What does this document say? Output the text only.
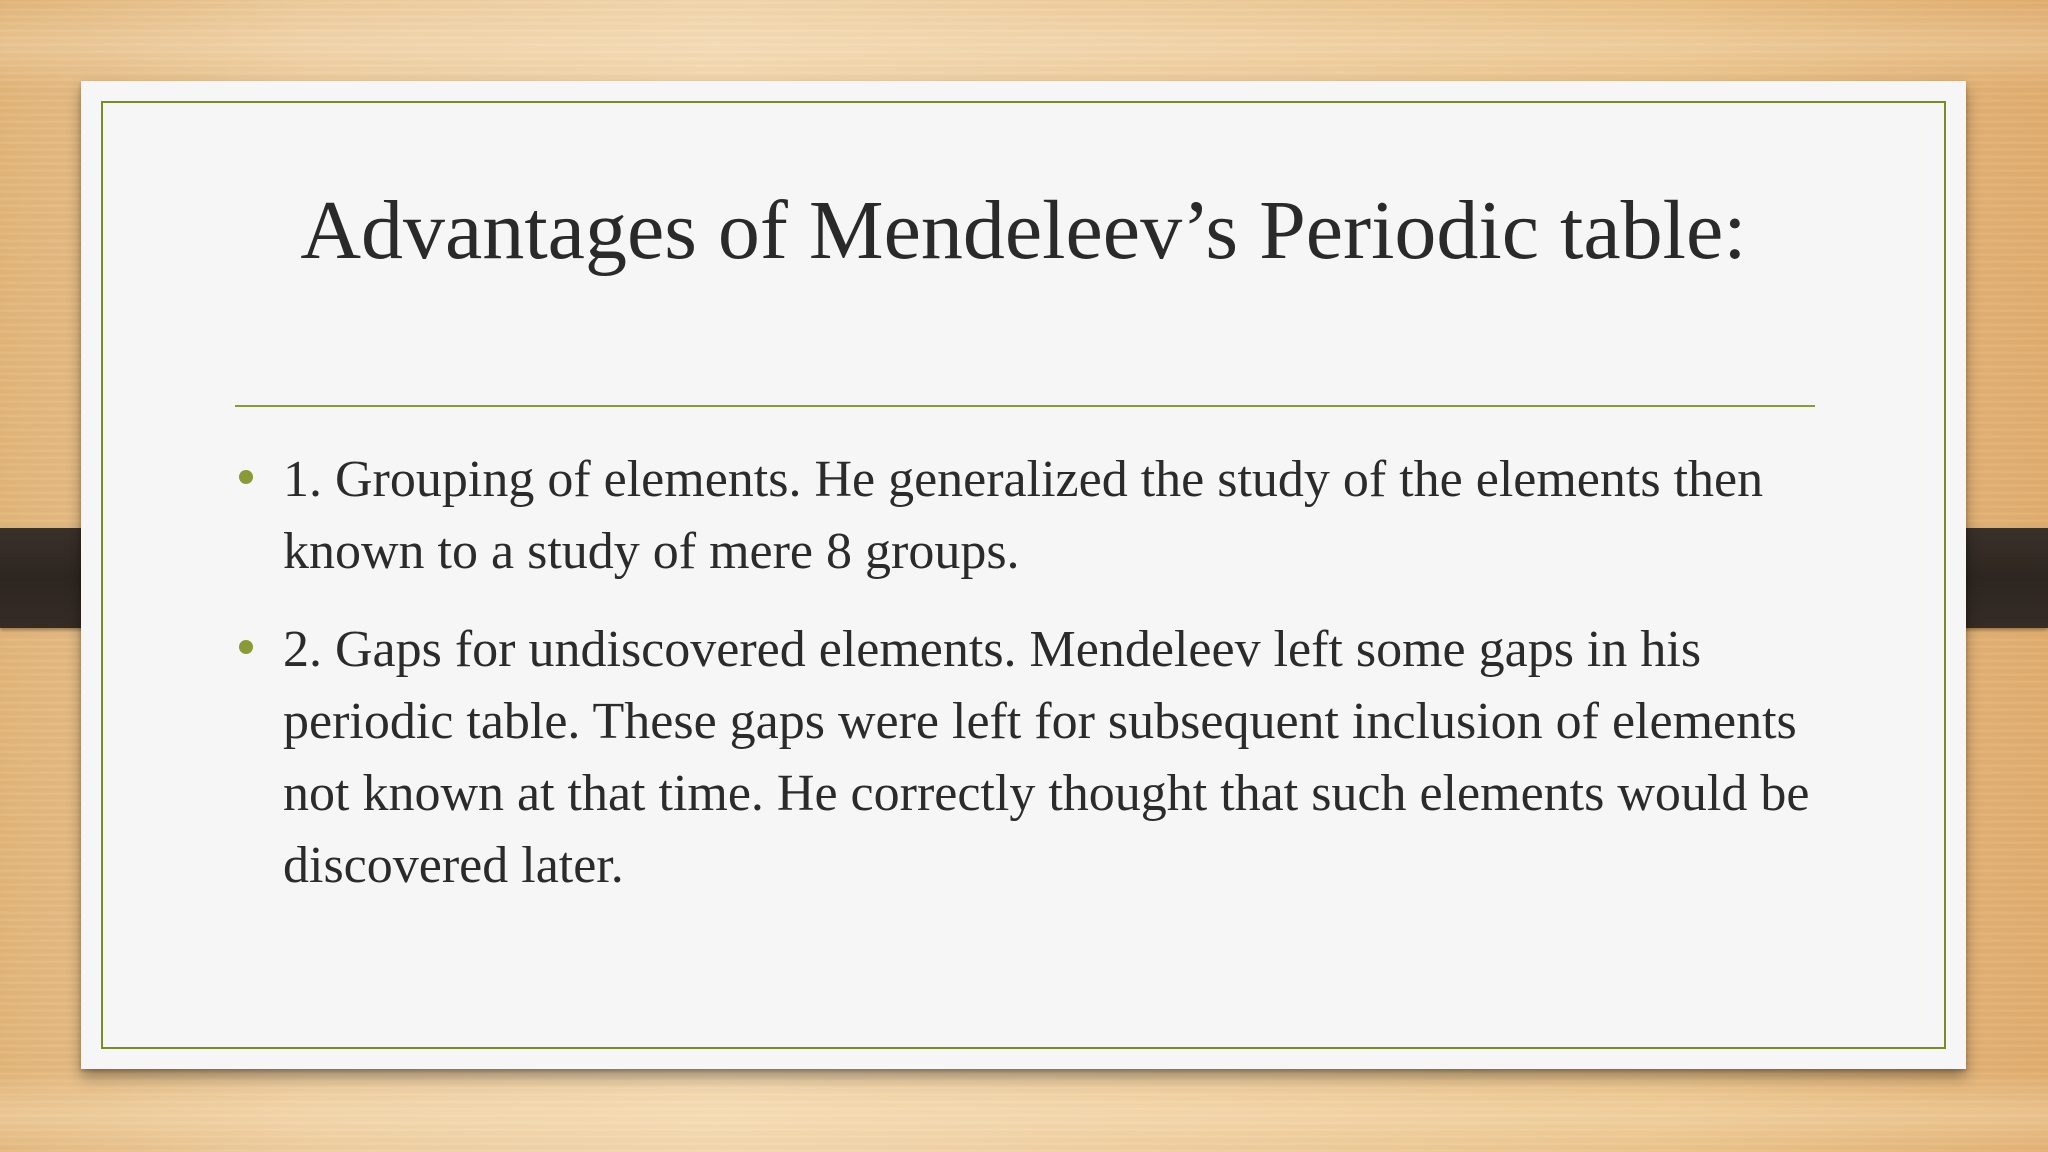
Advantages of Mendeleev’s Periodic table:
1. Grouping of elements. He generalized the study of the elements then known to a study of mere 8 groups.
2. Gaps for undiscovered elements. Mendeleev left some gaps in his periodic table. These gaps were left for subsequent inclusion of elements not known at that time. He correctly thought that such elements would be discovered later.
